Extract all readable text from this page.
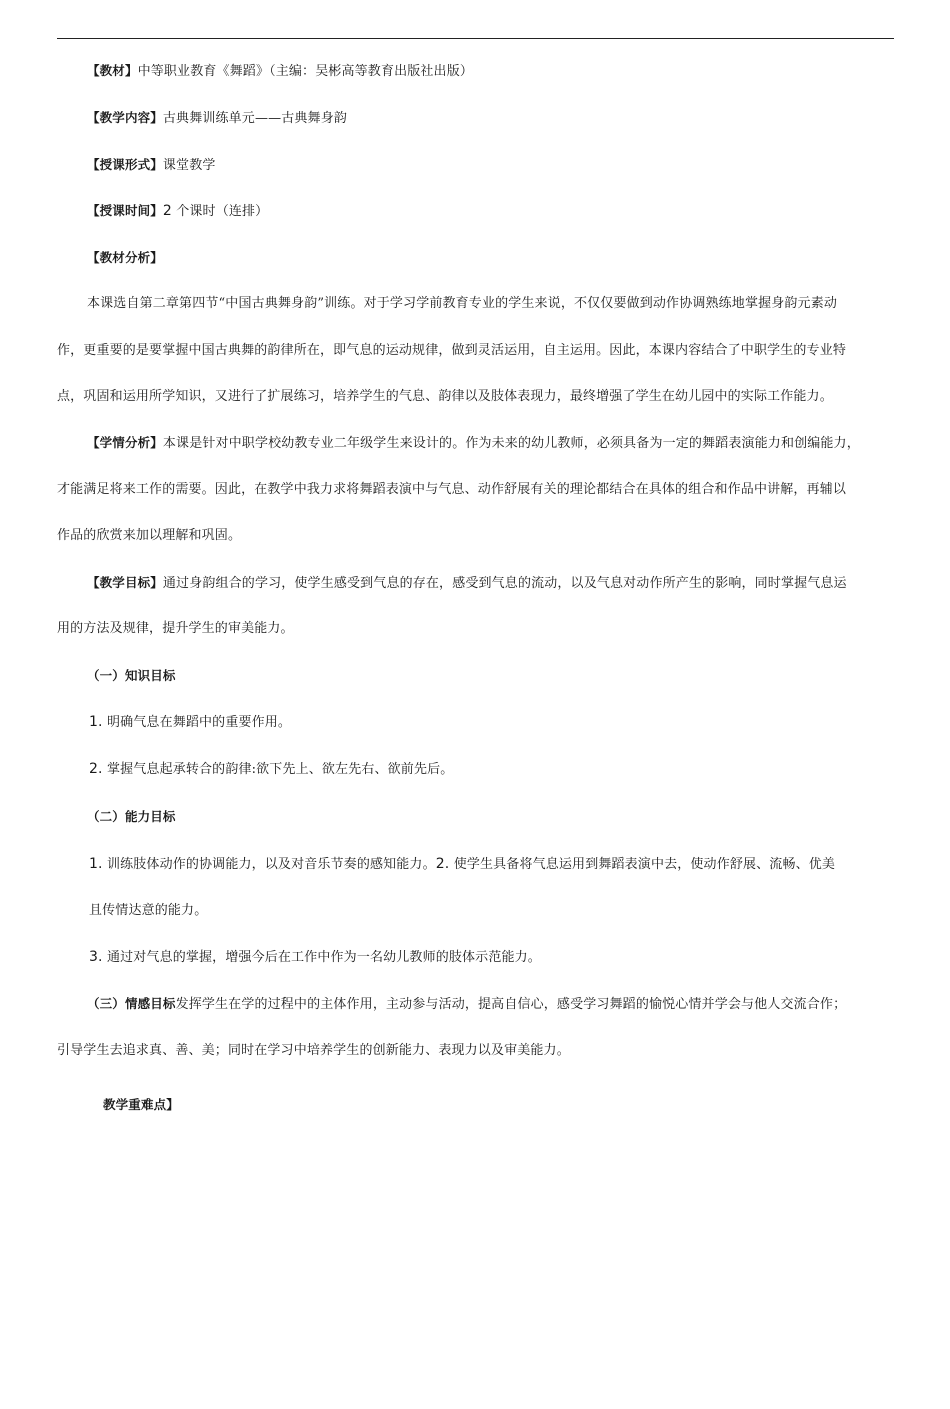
【教材】中等职业教育《舞蹈》（主编：吴彬高等教育出版社出版）
【教学内容】古典舞训练单元——古典舞身韵
【授课形式】课堂教学
【授课时间】2 个课时（连排）
【教材分析】
本课选自第二章第四节“中国古典舞身韵”训练。对于学习学前教育专业的学生来说，不仅仅要做到动作协调熟练地掌握身韵元素动
作，更重要的是要掌握中国古典舞的韵律所在，即气息的运动规律，做到灵活运用，自主运用。因此，本课内容结合了中职学生的专业特
点，巩固和运用所学知识，又进行了扩展练习，培养学生的气息、韵律以及肢体表现力，最终增强了学生在幼儿园中的实际工作能力。
【学情分析】本课是针对中职学校幼教专业二年级学生来设计的。作为未来的幼儿教师，必须具备为一定的舞蹈表演能力和创编能力，
才能满足将来工作的需要。因此，在教学中我力求将舞蹈表演中与气息、动作舒展有关的理论都结合在具体的组合和作品中讲解，再辅以
作品的欣赏来加以理解和巩固。
【教学目标】通过身韵组合的学习，使学生感受到气息的存在，感受到气息的流动，以及气息对动作所产生的影响，同时掌握气息运
用的方法及规律，提升学生的审美能力。
（一）知识目标
1. 明确气息在舞蹈中的重要作用。
2. 掌握气息起承转合的韵律:欲下先上、欲左先右、欲前先后。
（二）能力目标
1. 训练肢体动作的协调能力，以及对音乐节奏的感知能力。2. 使学生具备将气息运用到舞蹈表演中去，使动作舒展、流畅、优美
且传情达意的能力。
3. 通过对气息的掌握，增强今后在工作中作为一名幼儿教师的肢体示范能力。
（三）情感目标发挥学生在学的过程中的主体作用，主动参与活动，提高自信心，感受学习舞蹈的愉悦心情并学会与他人交流合作；
引导学生去追求真、善、美；同时在学习中培养学生的创新能力、表现力以及审美能力。
教学重难点】
